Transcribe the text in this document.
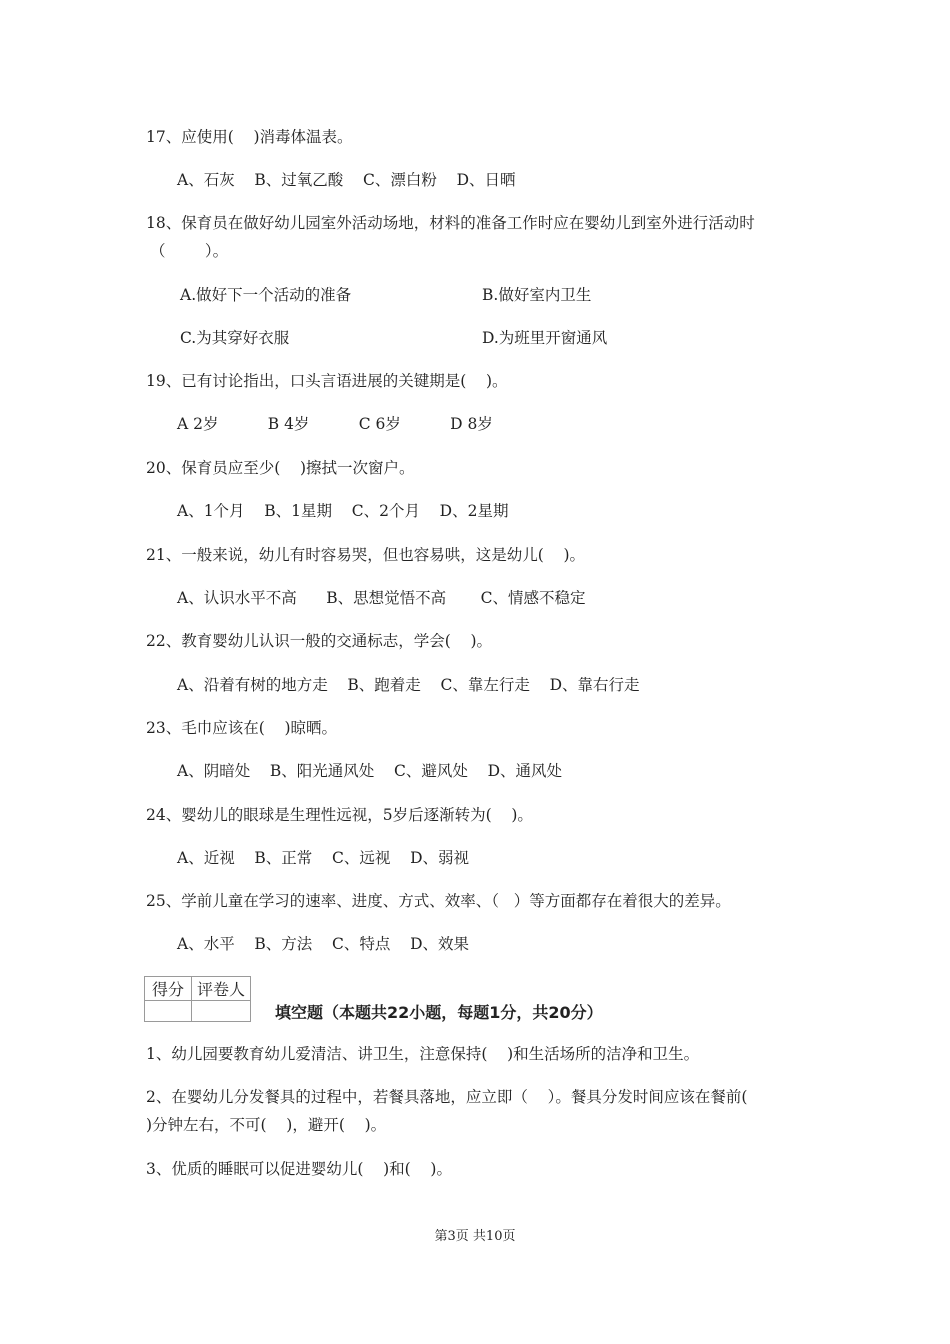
17、应使用(    )消毒体温表。
A、石灰    B、过氧乙酸    C、漂白粉    D、日晒
18、保育员在做好幼儿园室外活动场地，材料的准备工作时应在婴幼儿到室外进行活动时
（        ）。
A.做好下一个活动的准备	B.做好室内卫生
C.为其穿好衣服	D.为班里开窗通风
19、已有讨论指出，口头言语进展的关键期是(    )。
A 2岁          B 4岁          C 6岁          D 8岁
20、保育员应至少(    )擦拭一次窗户。
A、1个月    B、1星期    C、2个月    D、2星期
21、一般来说，幼儿有时容易哭，但也容易哄，这是幼儿(    )。
A、认识水平不高      B、思想觉悟不高       C、情感不稳定
22、教育婴幼儿认识一般的交通标志，学会(    )。
A、沿着有树的地方走    B、跑着走    C、靠左行走    D、靠右行走
23、毛巾应该在(    )晾晒。
A、阴暗处    B、阳光通风处    C、避风处    D、通风处
24、婴幼儿的眼球是生理性远视，5岁后逐渐转为(    )。
A、近视    B、正常    C、远视    D、弱视
25、学前儿童在学习的速率、进度、方式、效率、（   ）等方面都存在着很大的差异。
A、水平    B、方法    C、特点    D、效果
得分	评卷人

填空题（本题共22小题，每题1分，共20分）
1、幼儿园要教育幼儿爱清洁、讲卫生，注意保持(    )和生活场所的洁净和卫生。
2、在婴幼儿分发餐具的过程中，若餐具落地，应立即（    ）。餐具分发时间应该在餐前(
)分钟左右，不可(    )，避开(    )。
3、优质的睡眠可以促进婴幼儿(    )和(    )。
第3页 共10页
